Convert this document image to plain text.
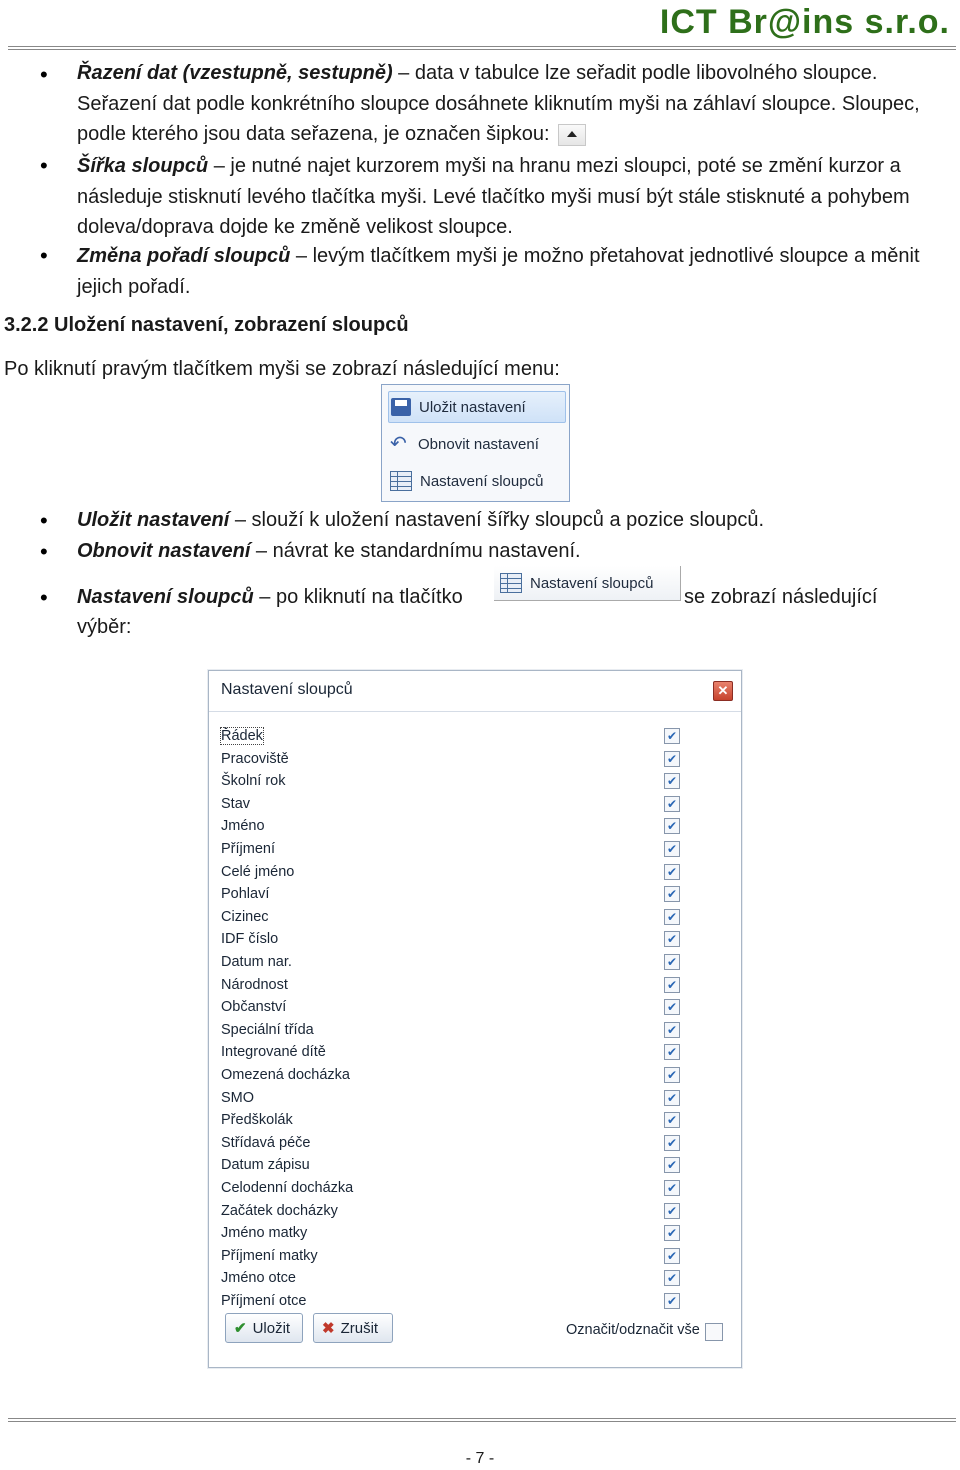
ICT Br@ins s.r.o.
• Řazení dat (vzestupně, sestupně) – data v tabulce lze seřadit podle libovolného sloupce. Seřazení dat podle konkrétního sloupce dosáhnete kliknutím myši na záhlaví sloupce. Sloupec, podle kterého jsou data seřazena, je označen šipkou:
• Šířka sloupců – je nutné najet kurzorem myši na hranu mezi sloupci, poté se změní kurzor a následuje stisknutí levého tlačítka myši. Levé tlačítko myši musí být stále stisknuté a pohybem doleva/doprava dojde ke změně velikost sloupce.
• Změna pořadí sloupců – levým tlačítkem myši je možno přetahovat jednotlivé sloupce a měnit jejich pořadí.
3.2.2 Uložení nastavení, zobrazení sloupců
Po kliknutí pravým tlačítkem myši se zobrazí následující menu:
Uložit nastavení
↶
Obnovit nastavení
Nastavení sloupců
• Uložit nastavení – slouží k uložení nastavení šířky sloupců a pozice sloupců.
• Obnovit nastavení – návrat ke standardnímu nastavení.
• Nastavení sloupců – po kliknutí na tlačítko
Nastavení sloupců
se zobrazí následující
výběr:
Nastavení sloupců	✕
Řádek	✔
Pracoviště	✔
Školní rok	✔
Stav	✔
Jméno	✔
Příjmení	✔
Celé jméno	✔
Pohlaví	✔
Cizinec	✔
IDF číslo	✔
Datum nar.	✔
Národnost	✔
Občanství	✔
Speciální třída	✔
Integrované dítě	✔
Omezená docházka	✔
SMO	✔
Předškolák	✔
Střídavá péče	✔
Datum zápisu	✔
Celodenní docházka	✔
Začátek docházky	✔
Jméno matky	✔
Příjmení matky	✔
Jméno otce	✔
Příjmení otce	✔
✔ Uložit ✖ Zrušit	Označit/odznačit vše
- 7 -
